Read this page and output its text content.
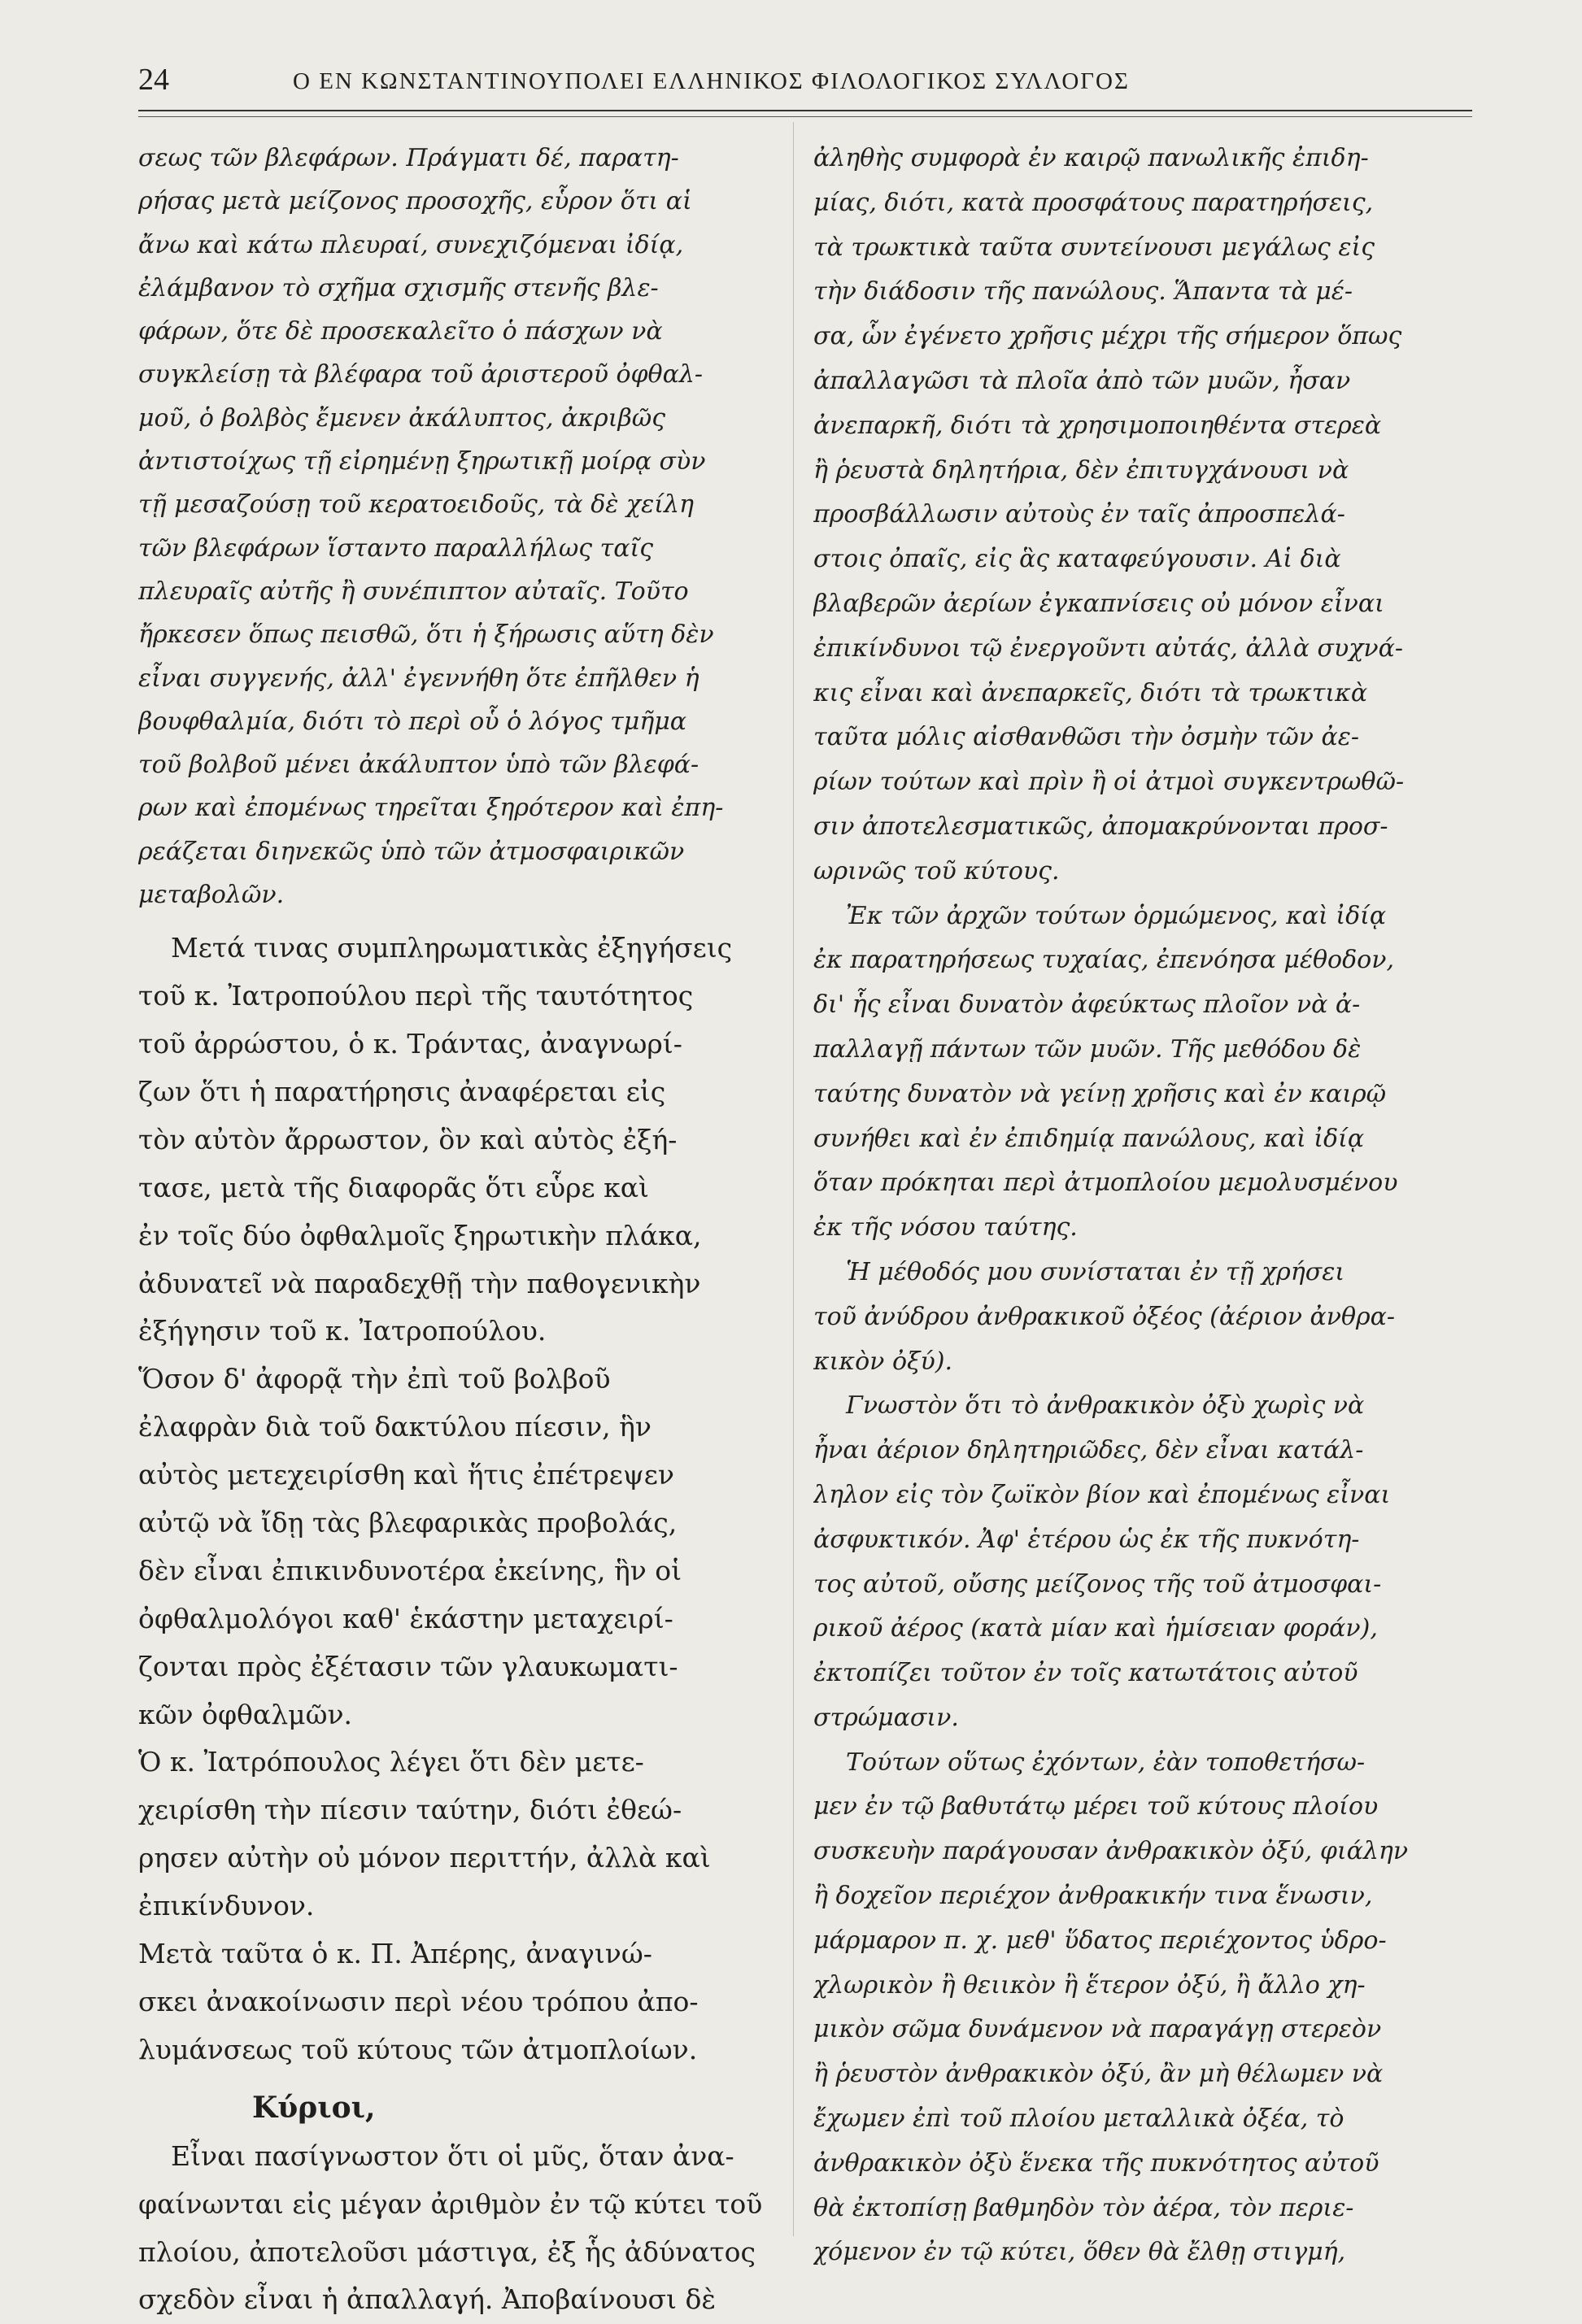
24	Ο ΕΝ ΚΩΝΣΤΑΝΤΙΝΟΥΠΟΛΕΙ ΕΛΛΗΝΙΚΟΣ ΦΙΛΟΛΟΓΙΚΟΣ ΣΥΛΛΟΓΟΣ
σεως τῶν βλεφάρων. Πράγματι δέ, παρατη-
ρήσας μετὰ μείζονος προσοχῆς, εὗρον ὅτι αἱ
ἄνω καὶ κάτω πλευραί, συνεχιζόμεναι ἰδίᾳ,
ἐλάμβανον τὸ σχῆμα σχισμῆς στενῆς βλε-
φάρων, ὅτε δὲ προσεκαλεῖτο ὁ πάσχων νὰ
συγκλείσῃ τὰ βλέφαρα τοῦ ἀριστεροῦ ὀφθαλ-
μοῦ, ὁ βολβὸς ἔμενεν ἀκάλυπτος, ἀκριβῶς
ἀντιστοίχως τῇ εἰρημένῃ ξηρωτικῇ μοίρᾳ σὺν
τῇ μεσαζούσῃ τοῦ κερατοειδοῦς, τὰ δὲ χείλη
τῶν βλεφάρων ἵσταντο παραλλήλως ταῖς
πλευραῖς αὐτῆς ἢ συνέπιπτον αὐταῖς. Τοῦτο
ἤρκεσεν ὅπως πεισθῶ, ὅτι ἡ ξήρωσις αὕτη δὲν
εἶναι συγγενής, ἀλλ' ἐγεννήθη ὅτε ἐπῆλθεν ἡ
βουφθαλμία, διότι τὸ περὶ οὗ ὁ λόγος τμῆμα
τοῦ βολβοῦ μένει ἀκάλυπτον ὑπὸ τῶν βλεφά-
ρων καὶ ἐπομένως τηρεῖται ξηρότερον καὶ ἐπη-
ρεάζεται διηνεκῶς ὑπὸ τῶν ἀτμοσφαιρικῶν
μεταβολῶν.
Μετά τινας συμπληρωματικὰς ἐξηγήσεις
τοῦ κ. Ἰατροπούλου περὶ τῆς ταυτότητος
τοῦ ἀρρώστου, ὁ κ. Τράντας, ἀναγνωρί-
ζων ὅτι ἡ παρατήρησις ἀναφέρεται εἰς
τὸν αὐτὸν ἄρρωστον, ὃν καὶ αὐτὸς ἐξή-
τασε, μετὰ τῆς διαφορᾶς ὅτι εὗρε καὶ
ἐν τοῖς δύο ὀφθαλμοῖς ξηρωτικὴν πλάκα,
ἀδυνατεῖ νὰ παραδεχθῇ τὴν παθογενικὴν
ἐξήγησιν τοῦ κ. Ἰατροπούλου.
Ὅσον δ' ἀφορᾷ τὴν ἐπὶ τοῦ βολβοῦ
ἐλαφρὰν διὰ τοῦ δακτύλου πίεσιν, ἣν
αὐτὸς μετεχειρίσθη καὶ ἥτις ἐπέτρεψεν
αὐτῷ νὰ ἴδῃ τὰς βλεφαρικὰς προβολάς,
δὲν εἶναι ἐπικινδυνοτέρα ἐκείνης, ἣν οἱ
ὀφθαλμολόγοι καθ' ἑκάστην μεταχειρί-
ζονται πρὸς ἐξέτασιν τῶν γλαυκωματι-
κῶν ὀφθαλμῶν.
Ὁ κ. Ἰατρόπουλος λέγει ὅτι δὲν μετε-
χειρίσθη τὴν πίεσιν ταύτην, διότι ἐθεώ-
ρησεν αὐτὴν οὐ μόνον περιττήν, ἀλλὰ καὶ
ἐπικίνδυνον.
Μετὰ ταῦτα ὁ κ. Π. Ἀπέρης, ἀναγινώ-
σκει ἀνακοίνωσιν περὶ νέου τρόπου ἀπο-
λυμάνσεως τοῦ κύτους τῶν ἀτμοπλοίων.
Κύριοι,
Εἶναι πασίγνωστον ὅτι οἱ μῦς, ὅταν ἀνα-
φαίνωνται εἰς μέγαν ἀριθμὸν ἐν τῷ κύτει τοῦ
πλοίου, ἀποτελοῦσι μάστιγα, ἐξ ἧς ἀδύνατος
σχεδὸν εἶναι ἡ ἀπαλλαγή. Ἀποβαίνουσι δὲ
ἀληθὴς συμφορὰ ἐν καιρῷ πανωλικῆς ἐπιδη-
μίας, διότι, κατὰ προσφάτους παρατηρήσεις,
τὰ τρωκτικὰ ταῦτα συντείνουσι μεγάλως εἰς
τὴν διάδοσιν τῆς πανώλους. Ἅπαντα τὰ μέ-
σα, ὧν ἐγένετο χρῆσις μέχρι τῆς σήμερον ὅπως
ἀπαλλαγῶσι τὰ πλοῖα ἀπὸ τῶν μυῶν, ἦσαν
ἀνεπαρκῆ, διότι τὰ χρησιμοποιηθέντα στερεὰ
ἢ ῥευστὰ δηλητήρια, δὲν ἐπιτυγχάνουσι νὰ
προσβάλλωσιν αὐτοὺς ἐν ταῖς ἀπροσπελά-
στοις ὀπαῖς, εἰς ἃς καταφεύγουσιν. Αἱ διὰ
βλαβερῶν ἀερίων ἐγκαπνίσεις οὐ μόνον εἶναι
ἐπικίνδυνοι τῷ ἐνεργοῦντι αὐτάς, ἀλλὰ συχνά-
κις εἶναι καὶ ἀνεπαρκεῖς, διότι τὰ τρωκτικὰ
ταῦτα μόλις αἰσθανθῶσι τὴν ὀσμὴν τῶν ἀε-
ρίων τούτων καὶ πρὶν ἢ οἱ ἀτμοὶ συγκεντρωθῶ-
σιν ἀποτελεσματικῶς, ἀπομακρύνονται προσ-
ωρινῶς τοῦ κύτους.
Ἐκ τῶν ἀρχῶν τούτων ὁρμώμενος, καὶ ἰδίᾳ
ἐκ παρατηρήσεως τυχαίας, ἐπενόησα μέθοδον,
δι' ἧς εἶναι δυνατὸν ἀφεύκτως πλοῖον νὰ ἀ-
παλλαγῇ πάντων τῶν μυῶν. Τῆς μεθόδου δὲ
ταύτης δυνατὸν νὰ γείνῃ χρῆσις καὶ ἐν καιρῷ
συνήθει καὶ ἐν ἐπιδημίᾳ πανώλους, καὶ ἰδίᾳ
ὅταν πρόκηται περὶ ἀτμοπλοίου μεμολυσμένου
ἐκ τῆς νόσου ταύτης.
Ἡ μέθοδός μου συνίσταται ἐν τῇ χρήσει
τοῦ ἀνύδρου ἀνθρακικοῦ ὀξέος (ἀέριον ἀνθρα-
κικὸν ὀξύ).
Γνωστὸν ὅτι τὸ ἀνθρακικὸν ὀξὺ χωρὶς νὰ
ἦναι ἀέριον δηλητηριῶδες, δὲν εἶναι κατάλ-
ληλον εἰς τὸν ζωϊκὸν βίον καὶ ἐπομένως εἶναι
ἀσφυκτικόν. Ἀφ' ἑτέρου ὡς ἐκ τῆς πυκνότη-
τος αὐτοῦ, οὔσης μείζονος τῆς τοῦ ἀτμοσφαι-
ρικοῦ ἀέρος (κατὰ μίαν καὶ ἡμίσειαν φοράν),
ἐκτοπίζει τοῦτον ἐν τοῖς κατωτάτοις αὐτοῦ
στρώμασιν.
Τούτων οὕτως ἐχόντων, ἐὰν τοποθετήσω-
μεν ἐν τῷ βαθυτάτῳ μέρει τοῦ κύτους πλοίου
συσκευὴν παράγουσαν ἀνθρακικὸν ὀξύ, φιάλην
ἢ δοχεῖον περιέχον ἀνθρακικήν τινα ἕνωσιν,
μάρμαρον π. χ. μεθ' ὕδατος περιέχοντος ὑδρο-
χλωρικὸν ἢ θειικὸν ἢ ἕτερον ὀξύ, ἢ ἄλλο χη-
μικὸν σῶμα δυνάμενον νὰ παραγάγῃ στερεὸν
ἢ ῥευστὸν ἀνθρακικὸν ὀξύ, ἂν μὴ θέλωμεν νὰ
ἔχωμεν ἐπὶ τοῦ πλοίου μεταλλικὰ ὀξέα, τὸ
ἀνθρακικὸν ὀξὺ ἕνεκα τῆς πυκνότητος αὐτοῦ
θὰ ἐκτοπίσῃ βαθμηδὸν τὸν ἀέρα, τὸν περιε-
χόμενον ἐν τῷ κύτει, ὅθεν θὰ ἔλθῃ στιγμή,
